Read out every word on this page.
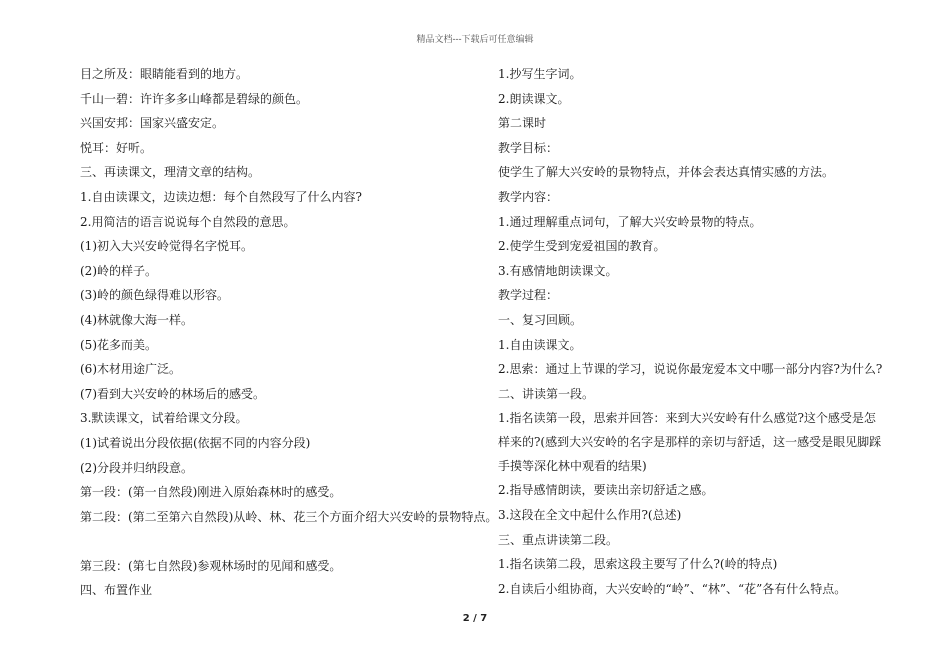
精品文档---下载后可任意编辑
目之所及：眼睛能看到的地方。
千山一碧：许许多多山峰都是碧绿的颜色。
兴国安邦：国家兴盛安定。
悦耳：好听。
三、再读课文，理清文章的结构。
1.自由读课文，边读边想：每个自然段写了什么内容?
2.用简洁的语言说说每个自然段的意思。
(1)初入大兴安岭觉得名字悦耳。
(2)岭的样子。
(3)岭的颜色绿得难以形容。
(4)林就像大海一样。
(5)花多而美。
(6)木材用途广泛。
(7)看到大兴安岭的林场后的感受。
3.默读课文，试着给课文分段。
(1)试着说出分段依据(依据不同的内容分段)
(2)分段并归纳段意。
第一段：(第一自然段)刚进入原始森林时的感受。
第二段：(第二至第六自然段)从岭、林、花三个方面介绍大兴安岭的景物特点。
第三段：(第七自然段)参观林场时的见闻和感受。
四、布置作业
1.抄写生字词。
2.朗读课文。
第二课时
教学目标：
使学生了解大兴安岭的景物特点，并体会表达真情实感的方法。
教学内容：
1.通过理解重点词句，了解大兴安岭景物的特点。
2.使学生受到宠爱祖国的教育。
3.有感情地朗读课文。
教学过程：
一、复习回顾。
1.自由读课文。
2.思索：通过上节课的学习，说说你最宠爱本文中哪一部分内容?为什么?
二、讲读第一段。
1.指名读第一段，思索并回答：来到大兴安岭有什么感觉?这个感受是怎样来的?(感到大兴安岭的名字是那样的亲切与舒适，这一感受是眼见脚踩手摸等深化林中观看的结果)
2.指导感情朗读，要读出亲切舒适之感。
3.这段在全文中起什么作用?(总述)
三、重点讲读第二段。
1.指名读第二段，思索这段主要写了什么?(岭的特点)
2.自读后小组协商，大兴安岭的“岭”、“林”、“花”各有什么特点。
2 / 7
